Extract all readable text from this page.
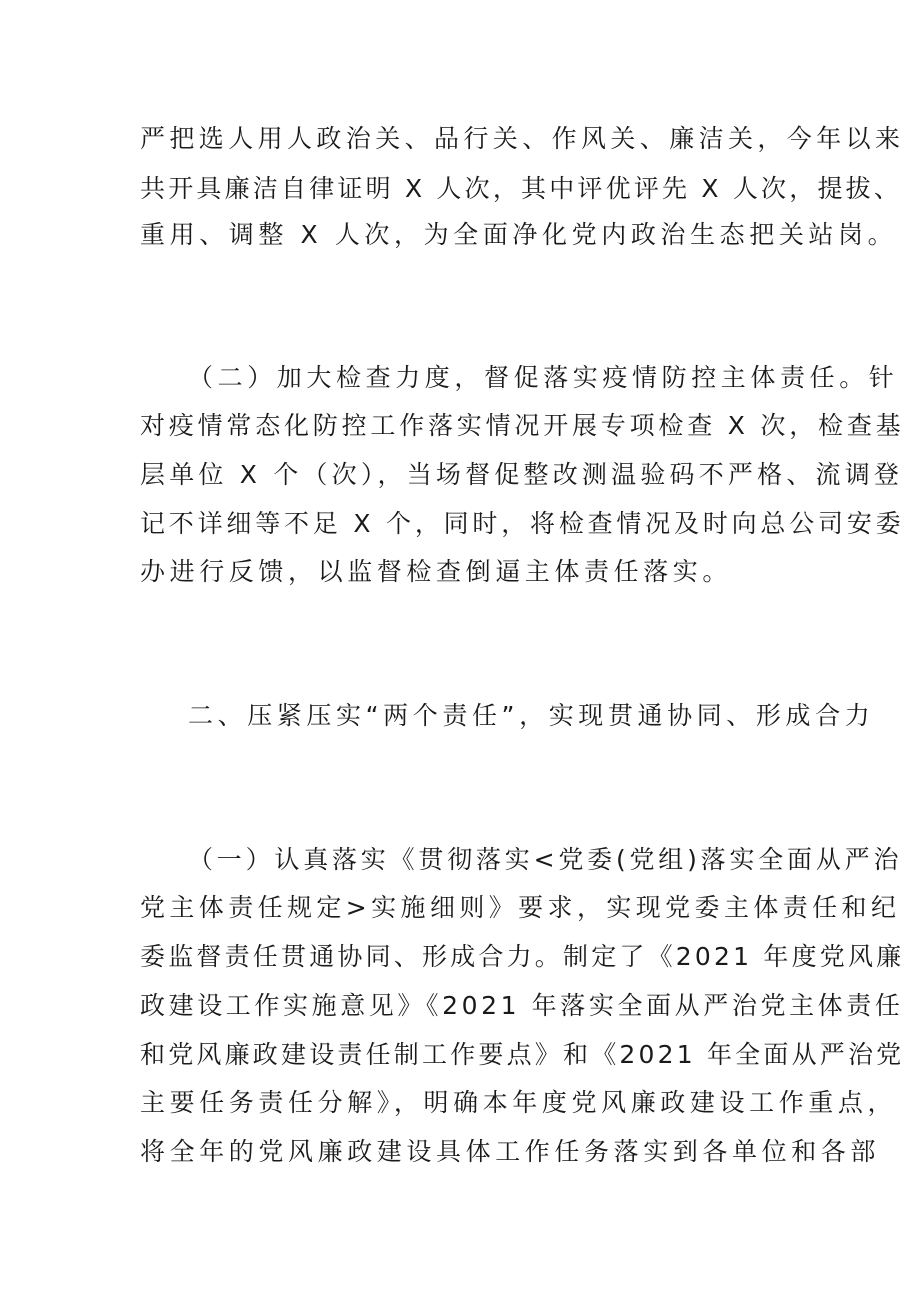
严把选人用人政治关、品行关、作风关、廉洁关，今年以来
共开具廉洁自律证明 X 人次，其中评优评先 X 人次，提拔、
重用、调整 X 人次，为全面净化党内政治生态把关站岗。
（二）加大检查力度，督促落实疫情防控主体责任。针
对疫情常态化防控工作落实情况开展专项检查 X 次，检查基
层单位 X 个（次），当场督促整改测温验码不严格、流调登
记不详细等不足 X 个，同时，将检查情况及时向总公司安委
办进行反馈，以监督检查倒逼主体责任落实。
二、压紧压实“两个责任”，实现贯通协同、形成合力
（一）认真落实《贯彻落实<党委(党组)落实全面从严治
党主体责任规定>实施细则》要求，实现党委主体责任和纪
委监督责任贯通协同、形成合力。制定了《2021 年度党风廉
政建设工作实施意见》《2021 年落实全面从严治党主体责任
和党风廉政建设责任制工作要点》和《2021 年全面从严治党
主要任务责任分解》，明确本年度党风廉政建设工作重点，
将全年的党风廉政建设具体工作任务落实到各单位和各部
